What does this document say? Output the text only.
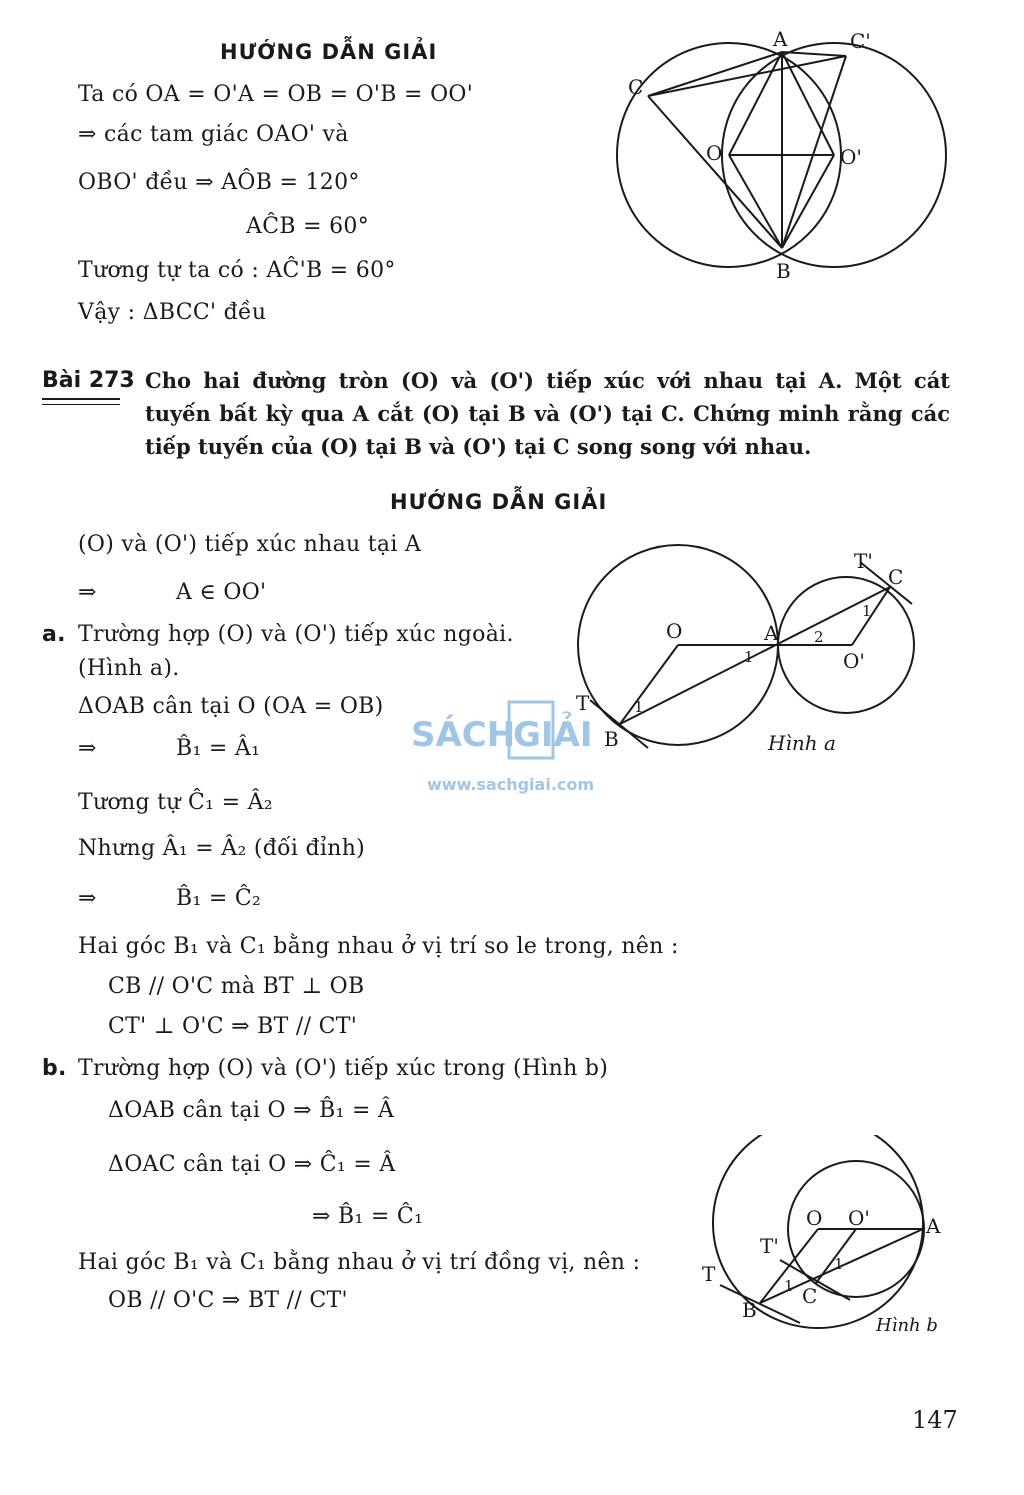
HƯỚNG DẪN GIẢI
Ta có OA = O'A = OB = O'B = OO'
⇒ các tam giác OAO' và
OBO' đều ⇒ AÔB = 120°
AĈB = 60°
Tương tự ta có : AĈ'B = 60°
Vậy : ΔBCC' đều
A
B
C
C'
O	O'
Bài 273 Cho hai đường tròn (O) và (O') tiếp xúc với nhau tại A. Một cát tuyến bất kỳ qua A cắt (O) tại B và (O') tại C. Chứng minh rằng các tiếp tuyến của (O) tại B và (O') tại C song song với nhau.
HƯỚNG DẪN GIẢI
(O) và (O') tiếp xúc nhau tại A
⇒	A ∈ OO'
a. Trường hợp (O) và (O') tiếp xúc ngoài.
(Hình a).
ΔOAB cân tại O (OA = OB)
⇒	B̂₁ = Â₁
Tương tự Ĉ₁ = Â₂
Nhưng Â₁ = Â₂ (đối đỉnh)
⇒	B̂₁ = Ĉ₂
Hai góc B₁ và C₁ bằng nhau ở vị trí so le trong, nên :
CB // O'C mà BT ⊥ OB
CT' ⊥ O'C ⇒ BT // CT'
b. Trường hợp (O) và (O') tiếp xúc trong (Hình b)
ΔOAB cân tại O ⇒ B̂₁ = Â
ΔOAC cân tại O ⇒ Ĉ₁ = Â
⇒ B̂₁ = Ĉ₁
Hai góc B₁ và C₁ bằng nhau ở vị trí đồng vị, nên :
OB // O'C ⇒ BT // CT'
O	A
O'
B
C
T
T'
1
2
1
1
Hình a
O O'	A
B
C
T
T'
1
1
Hình b
SÁCH
GIẢI
www.sachgiai.com
147
